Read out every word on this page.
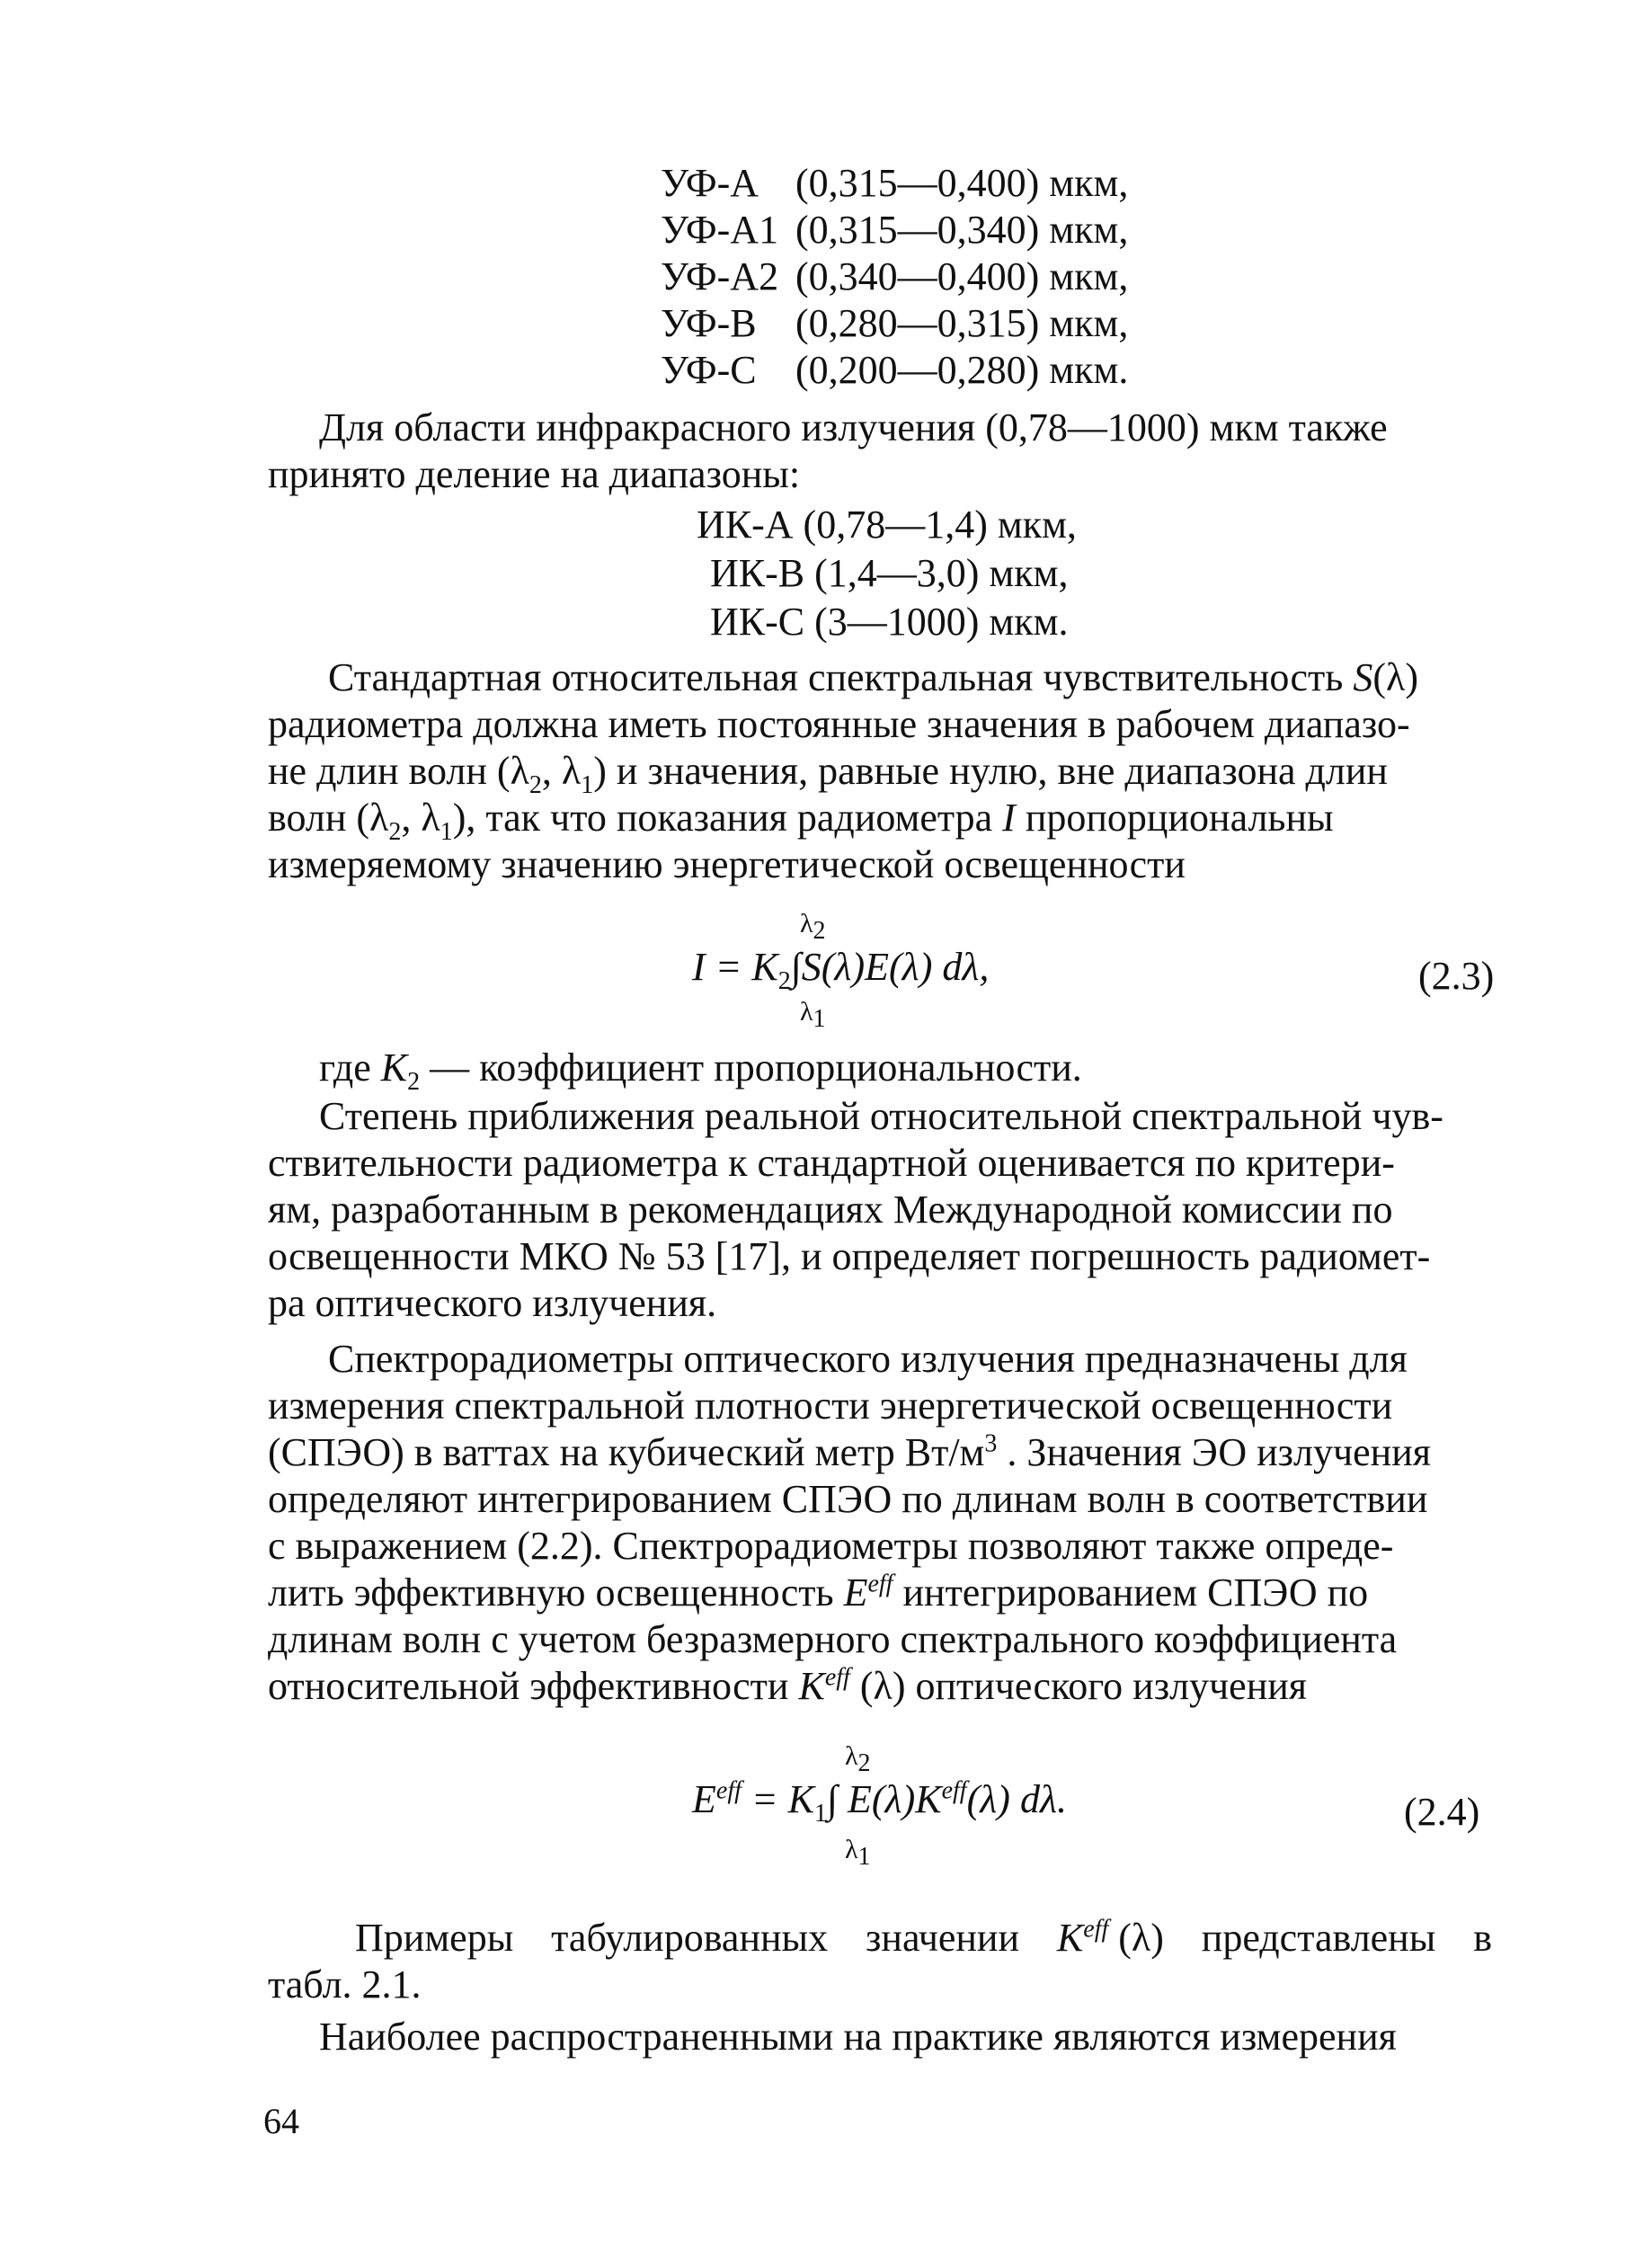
УФ-А (0,315—0,400) мкм,
УФ-А1 (0,315—0,340) мкм,
УФ-А2 (0,340—0,400) мкм,
УФ-В (0,280—0,315) мкм,
УФ-С (0,200—0,280) мкм.
Для области инфракрасного излучения (0,78—1000) мкм также
принято деление на диапазоны:
ИК-А (0,78—1,4) мкм,
ИК-В (1,4—3,0) мкм,
ИК-С (3—1000) мкм.
Стандартная относительная спектральная чувствительность S(λ)
радиометра должна иметь постоянные значения в рабочем диапазо-
не длин волн ($\lambda_2$, $\lambda_1$) и значения, равные нулю, вне диапазона длин
волн ($\lambda_2$, $\lambda_1$), так что показания радиометра I пропорциональны
измеряемому значению энергетической освещенности
$\lambda_2$
$I = K_2\int S(\lambda)E(\lambda)$ dλ,
$\lambda_1$
(2.3)
где $K_2$ — коэффициент пропорциональности.
Степень приближения реальной относительной спектральной чув-
ствительности радиометра к стандартной оценивается по критери-
ям, разработанным в рекомендациях Международной комиссии по
освещенности МКО № 53 [17], и определяет погрешность радиомет-
ра оптического излучения.
Спектрорадиометры оптического излучения предназначены для
измерения спектральной плотности энергетической освещенности
(СПЭО) в ваттах на кубический метр $Вт/м^3$ . Значения ЭО излучения
определяют интегрированием СПЭО по длинам волн в соответствии
с выражением (2.2). Спектрорадиометры позволяют также опреде-
лить эффективную освещенность $E^{eff}$ интегрированием СПЭО по
длинам волн с учетом безразмерного спектрального коэффициента
относительной эффективности $K^{eff}$ (λ) оптического излучения
$\lambda_2$
$E^{eff} = K_1\int$ $E(\lambda)K^{eff}(\lambda)$ dλ.
$\lambda_1$
(2.4)
Примеры табулированных значении $K^{eff}$ (λ) представлены в
табл. 2.1.
Наиболее распространенными на практике являются измерения
64
